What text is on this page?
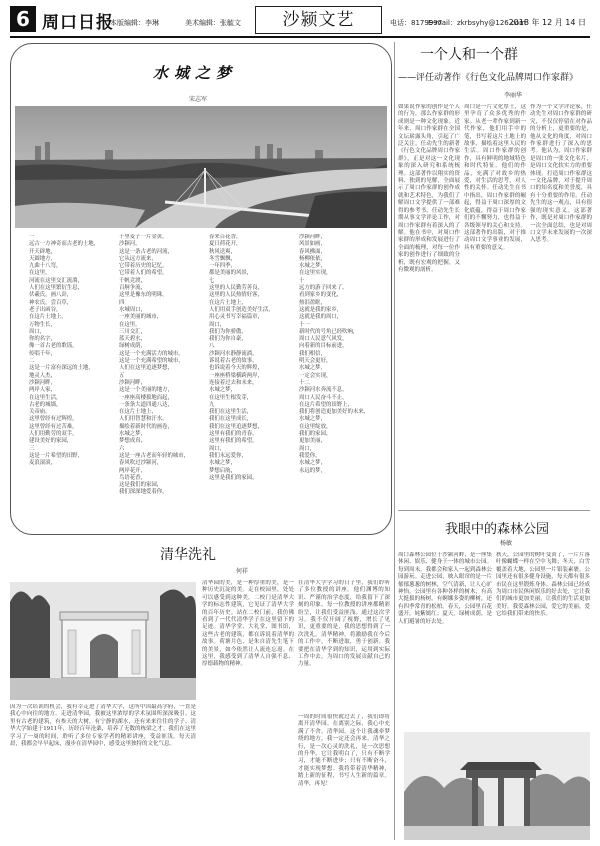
6 周口日报
本版编辑：李琳	美术编辑：张毓文	沙颍文艺	电话：8179997
E-mail：zkrbsyhy@126.com
2018 年 12 月 14 日
水城之梦
宋志军
一
远古一方神奇而古老的土地，
开天辟地，
天圆地方，
九曲十八弯，
在这里，
河流在这里交汇流淌，
人们在这里繁衍生息，
伏羲氏，画八卦，
神农氏，尝百草，
老子出函谷，
在这片土地上，
万物生长，
周口，
你的名字，
像一首古老的歌谣，
传唱千年，
二
这是一片富有深远的土地，
地灵人杰，
沙颍河畔，
两岸人家，
在这里生活，
古老的城墙，
关帝庙，
这里曾经有过辉煌，
这里曾经有过苦难，
人们用勤劳的双手，
建设美好的家园，
三
这是一片希望的田野，
麦浪滚滚，
千里麦子一片金黄，
沙颍河，
这是一条古老的河流，
它从远方流来，
它带着历史的记忆，
它带着人们的希望，
千帆竞渡，
百舸争流，
这里是豫东的明珠，
四
水城周口，
一座美丽的城市，
在这里，
三川交汇，
蓝天碧水，
绿树成荫，
这是一个充满活力的城市，
这是一个充满希望的城市，
人们在这里追逐梦想，
五
沙颍河畔，
这是一个美丽的地方，
一座座高楼拔地而起，
一条条大道四通八达，
在这片土地上，
人们用智慧和汗水，
描绘着新时代的画卷，
水城之梦，
梦想成真，
六
这是一座古老而年轻的城市，
春风吹过沙颍河，
两岸花开，
鸟语花香，
这是我们的家园，
我们深深地爱着你，
春来百花香，
夏日荷花开，
秋风送爽，
冬雪飘飘，
一年四季，
都是美丽的风景，
七
这里的人民勤劳善良，
这里的人民热情好客，
在这片土地上，
人们用双手创造美好生活，
用心灵书写幸福篇章，
周口，
我们为你骄傲，
我们为你自豪，
八
沙颍河水静静流淌，
诉说着古老的故事，
也诉说着今天的辉煌，
一座座桥梁横跨两岸，
连接着过去和未来，
水城之梦，
在这里生根发芽，
九
我们在这里生活，
我们在这里成长，
我们在这里追逐梦想，
这里有我们的青春，
这里有我们的希望，
周口，
我们永远爱你，
水城之梦，
梦想启航，
这里是我们的家园，
沙颍河畔，
风景如画，
春风拂面，
杨柳依依，
水城之梦，
在这里实现，
十
远方的游子回来了，
看到家乡的变化，
热泪盈眶，
这就是我的家乡，
这就是我的周口，
十一
新时代的号角已经吹响，
周口人民意气风发，
向着新的目标前进，
我们相信，
明天会更好，
水城之梦，
一定会实现，
十二
沙颍河水奔流不息，
周口人民奋斗不止，
在这片希望的田野上，
我们将创造更加美好的未来，
水城之梦，
在这里绽放，
我们的家园，
更加美丽，
周口，
我爱你，
水城之梦，
永远的梦，
清华洗礼
何祥
因为一次培训的机会，我有幸走进了清华大学，这所中国最高学府，一直是我心中向往的地方。走进清华园，我被这里浓厚的学术氛围所深深吸引。这里有古老的建筑，有参天的大树，有宁静的湖水，还有来来往往的学子。清华大学始建于1911年，历经百年沧桑，培养了无数的栋梁之才。我们在这里学习了一周的时间，聆听了多位专家学者的精彩讲座，受益匪浅。每天清晨，我都会早早起床，漫步在清华园中，感受这里独特的文化气息。
清华园的美，是一种厚重的美，是一种历史沉淀的美。走在校园里，处处可以感受到这种美。二校门是清华大学的标志性建筑，它见证了清华大学的百年历史。站在二校门前，我仿佛看到了一代代清华学子在这里留下的足迹。清华学堂、大礼堂、图书馆，这些古老的建筑，都在诉说着清华的故事。荷塘月色，是朱自清先生笔下的美景，如今依然让人流连忘返。在这里，我感受到了清华人自强不息、厚德载物的精神。
在清华大学学习的日子里，我们聆听了多位教授的讲座。他们渊博的知识、严谨的治学态度，给我留下了深刻的印象。每一位教授的讲座都精彩纷呈，让我们受益匪浅。通过这次学习，我不仅开阔了视野，增长了见识，更重要的是，我的思想得到了一次洗礼。清华精神，将激励我在今后的工作中，不断进取，勇于创新。我要把在清华学到的知识，运用到实际工作中去，为周口的发展贡献自己的力量。
一周的时间很快就过去了，我们即将离开清华园。在离别之际，我心中充满了不舍。清华园，这个让我魂牵梦绕的地方，我一定还会再来。清华之行，是一次心灵的洗礼，是一次思想的升华。它让我明白了，只有不断学习，才能不断进步；只有不断奋斗，才能实现梦想。我将带着清华精神，踏上新的征程，书写人生新的篇章。清华，再见！
一个人和一个群
——评任动著作《行色文化品牌周口作家群》
李丽华
如果说作家的创作是个人的行为，那么作家群的形成则是一种文化现象。近年来，周口作家群在全国文坛崭露头角，引起了广泛关注。任动先生的新著《行色文化品牌周口作家群》，正是对这一文化现象的深入研究和系统梳理。这部著作以翔实的资料、独到的见解，全面展示了周口作家群的创作成就和艺术特色，为我们了解周口文学提供了一部难得的参考书。任动先生长期从事文学评论工作，对周口作家群有着深入的了解。他在书中，对周口作家群的形成和发展进行了全面的梳理，对每一位作家的创作进行了细致的分析，既有宏观的把握，又有微观的剖析。
周口是一片文化厚土，这里孕育了众多优秀的作家。从老一辈作家到新一代作家，他们用手中的笔，书写着这片土地上的故事，描绘着这里人民的生活。周口作家群的创作，具有鲜明的地域特色和时代特征。他们的作品，充满了对故乡的热爱，对生活的思考，对人性的关怀。任动先生在书中指出，周口作家群的崛起，得益于周口深厚的文化底蕴，得益于周口作家们的不懈努力，也得益于各级领导的关心和支持。这部著作的出版，对于推动周口文学事业的发展，具有重要的意义。
作为一个文学评论家，任动先生对周口作家群的研究，不仅仅停留在对作品的分析上，更重要的是，他从文化的角度，对周口作家群进行了深入的思考。他认为，周口作家群是周口的一张文化名片，是周口文化软实力的重要体现。打造周口作家群这一文化品牌，对于提升周口的知名度和美誉度，具有十分重要的作用。任动先生的这一观点，具有很强的现实意义。这部著作，既是对周口作家群的一次全面总结，也是对周口文学未来发展的一次深入思考。
我眼中的森林公园
杨敏
周口森林公园位于沙颍河畔，是一座集休闲、娱乐、健身于一体的城市公园。每到周末，我都会和家人一起到森林公园游玩。走进公园，映入眼帘的是一片郁郁葱葱的树林，空气清新，让人心旷神怡。公园里有各种各样的树木，有高大挺拔的杨树，有婀娜多姿的柳树，还有四季常青的松柏。春天，公园里百花盛开，姹紫嫣红；夏天，绿树成荫，是人们避暑的好去处。
秋天，公园里的树叶变黄了，一片片落叶像蝴蝶一样在空中飞舞；冬天，白雪覆盖着大地，公园里一片银装素裹。公园里还有很多健身设施，每天都有很多市民在这里锻炼身体。森林公园已经成为周口市民休闲娱乐的好去处，它让我们的城市更加美丽，让我们的生活更加美好。我爱森林公园，爱它的美丽，爱它给我们带来的快乐。
